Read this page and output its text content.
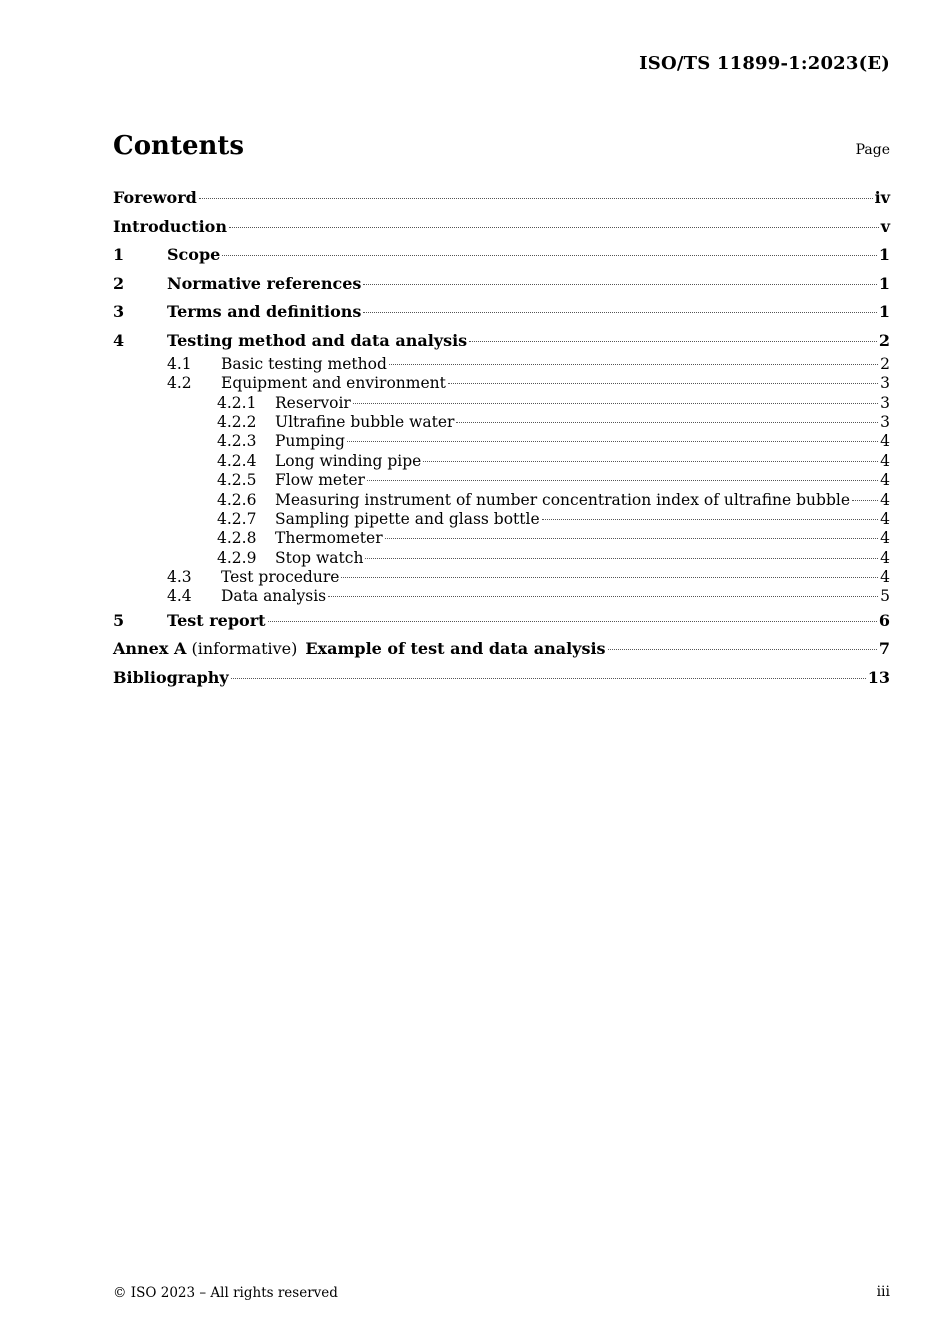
ISO/TS 11899-1:2023(E)
Contents	Page
Foreword	iv
Introduction	v
1	Scope	1
2	Normative references	1
3	Terms and definitions	1
4	Testing method and data analysis	2
4.1	Basic testing method	2
4.2	Equipment and environment	3
4.2.1	Reservoir	3
4.2.2	Ultrafine bubble water	3
4.2.3	Pumping	4
4.2.4	Long winding pipe	4
4.2.5	Flow meter	4
4.2.6	Measuring instrument of number concentration index of ultrafine bubble 4
4.2.7	Sampling pipette and glass bottle	4
4.2.8	Thermometer	4
4.2.9	Stop watch	4
4.3	Test procedure	4
4.4	Data analysis	5
5	Test report	6
Annex A (informative) Example of test and data analysis	7
Bibliography	13
© ISO 2023 – All rights reserved	iii
